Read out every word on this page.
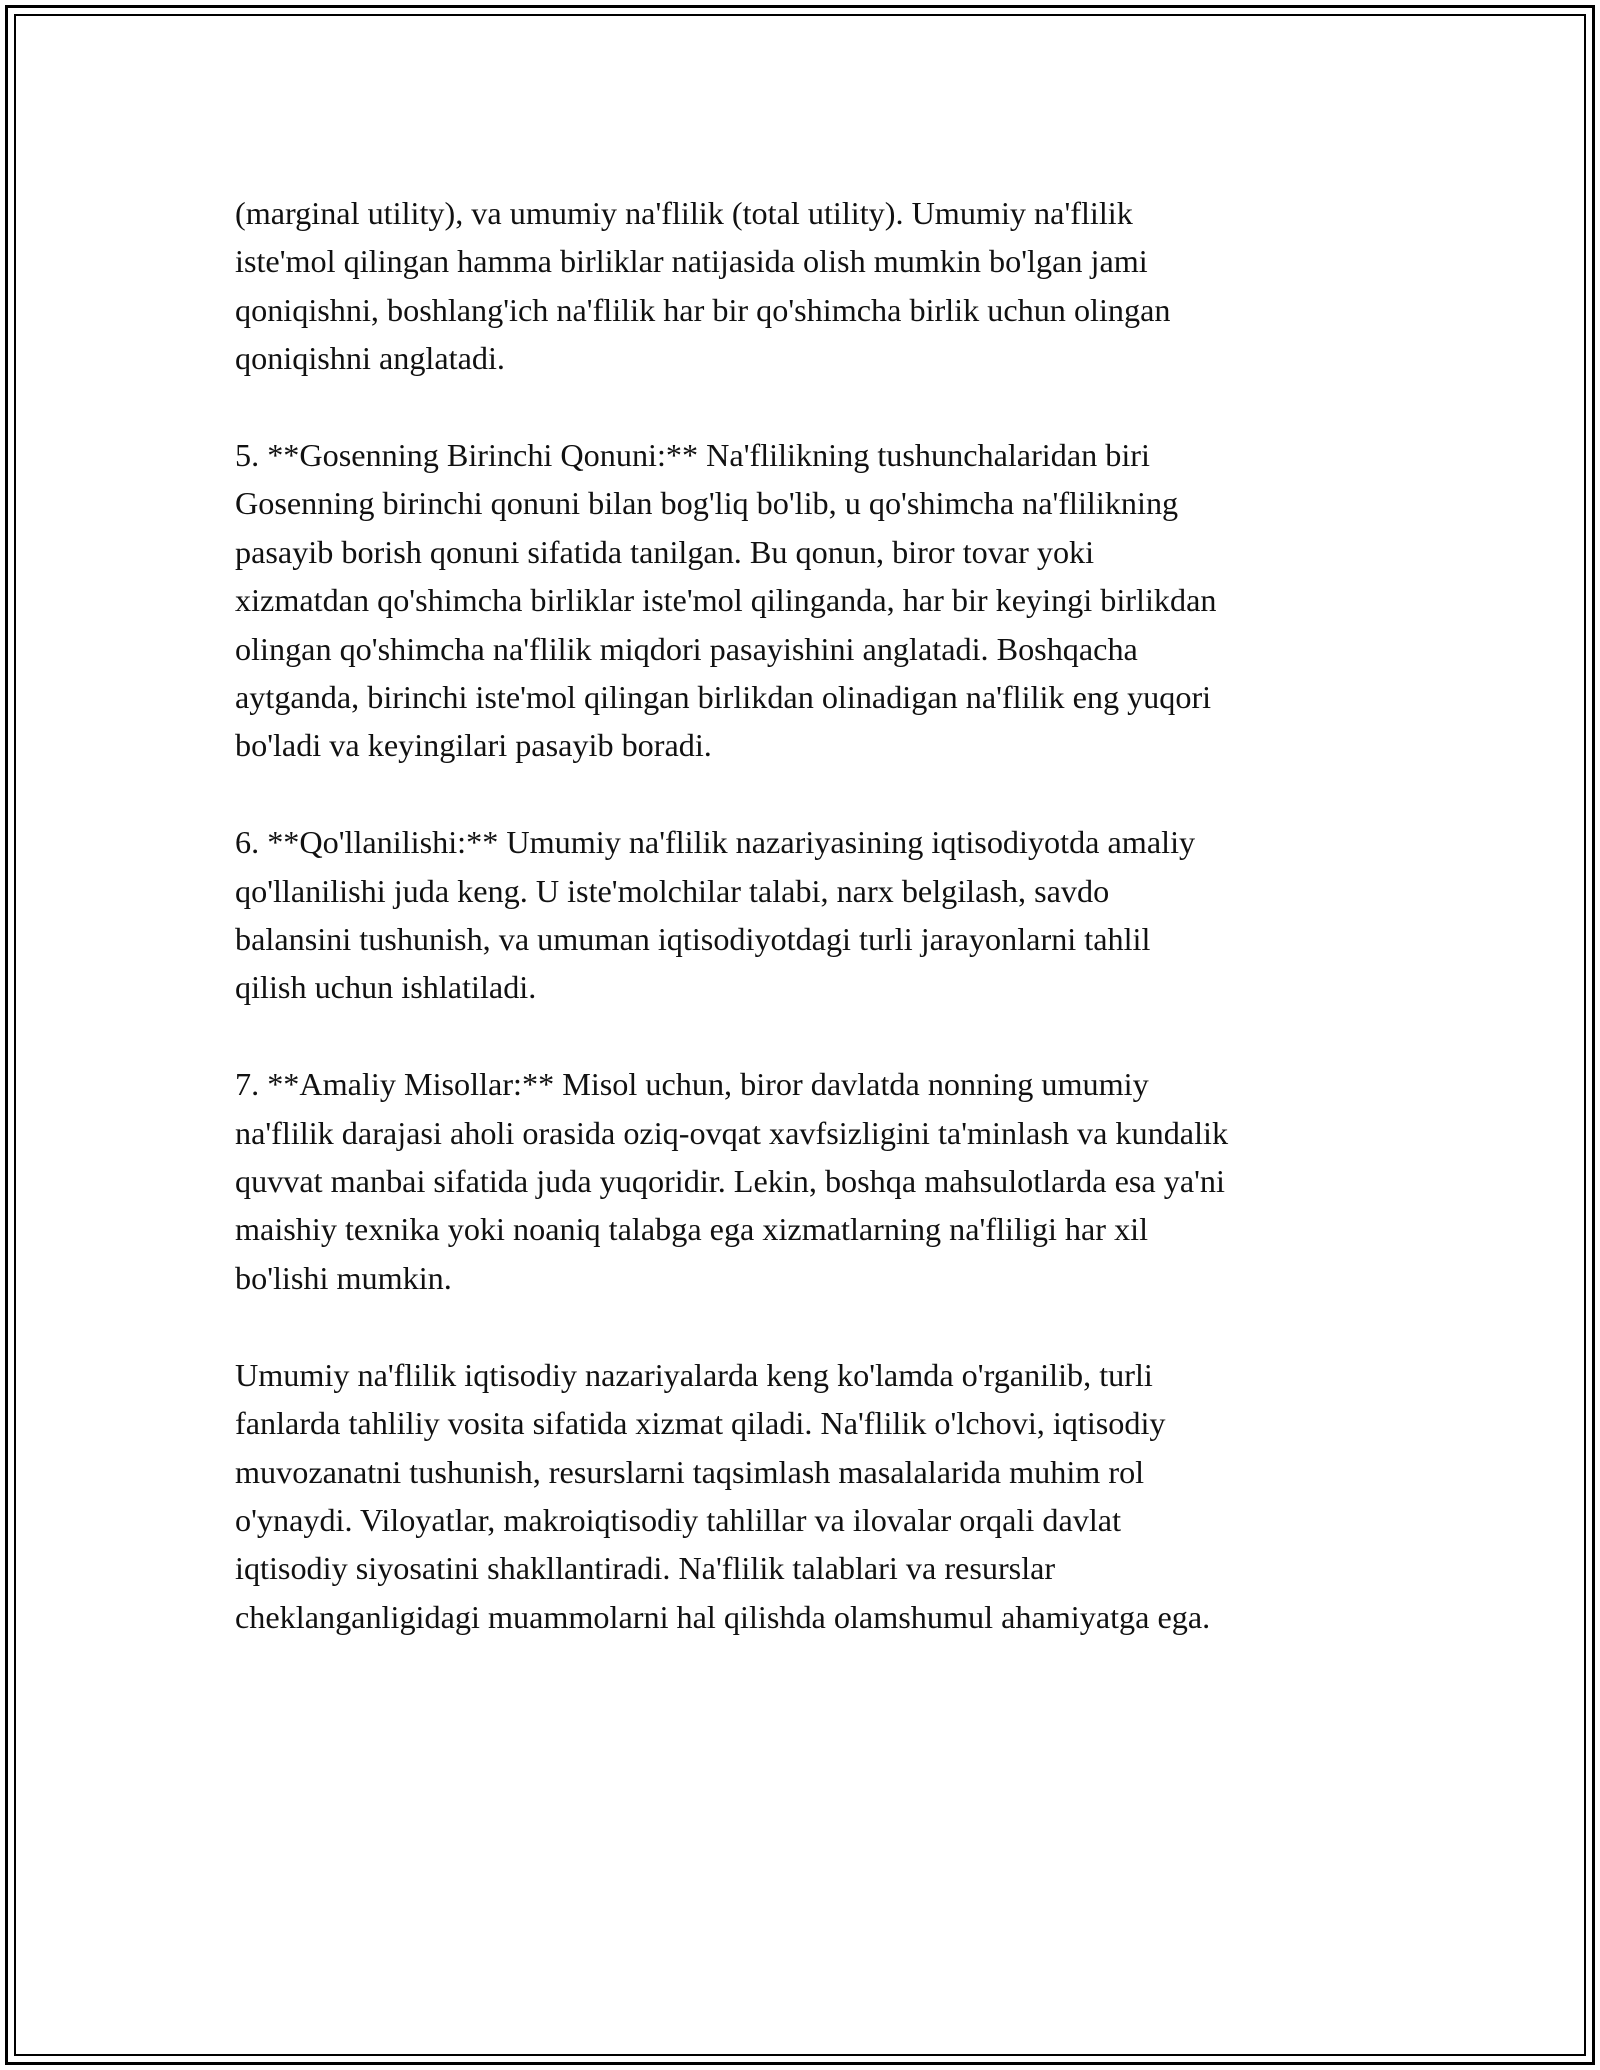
(marginal utility), va umumiy na'flilik (total utility). Umumiy na'flilik
iste'mol qilingan hamma birliklar natijasida olish mumkin bo'lgan jami
qoniqishni, boshlang'ich na'flilik har bir qo'shimcha birlik uchun olingan
qoniqishni anglatadi.

5. **Gosenning Birinchi Qonuni:** Na'flilikning tushunchalaridan biri
Gosenning birinchi qonuni bilan bog'liq bo'lib, u qo'shimcha na'flilikning
pasayib borish qonuni sifatida tanilgan. Bu qonun, biror tovar yoki
xizmatdan qo'shimcha birliklar iste'mol qilinganda, har bir keyingi birlikdan
olingan qo'shimcha na'flilik miqdori pasayishini anglatadi. Boshqacha
aytganda, birinchi iste'mol qilingan birlikdan olinadigan na'flilik eng yuqori
bo'ladi va keyingilari pasayib boradi.

6. **Qo'llanilishi:** Umumiy na'flilik nazariyasining iqtisodiyotda amaliy
qo'llanilishi juda keng. U iste'molchilar talabi, narx belgilash, savdo
balansini tushunish, va umuman iqtisodiyotdagi turli jarayonlarni tahlil
qilish uchun ishlatiladi.

7. **Amaliy Misollar:** Misol uchun, biror davlatda nonning umumiy
na'flilik darajasi aholi orasida oziq-ovqat xavfsizligini ta'minlash va kundalik
quvvat manbai sifatida juda yuqoridir. Lekin, boshqa mahsulotlarda esa ya'ni
maishiy texnika yoki noaniq talabga ega xizmatlarning na'fliligi har xil
bo'lishi mumkin.

Umumiy na'flilik iqtisodiy nazariyalarda keng ko'lamda o'rganilib, turli
fanlarda tahliliy vosita sifatida xizmat qiladi. Na'flilik o'lchovi, iqtisodiy
muvozanatni tushunish, resurslarni taqsimlash masalalarida muhim rol
o'ynaydi. Viloyatlar, makroiqtisodiy tahlillar va ilovalar orqali davlat
iqtisodiy siyosatini shakllantiradi. Na'flilik talablari va resurslar
cheklanganligidagi muammolarni hal qilishda olamshumul ahamiyatga ega.
